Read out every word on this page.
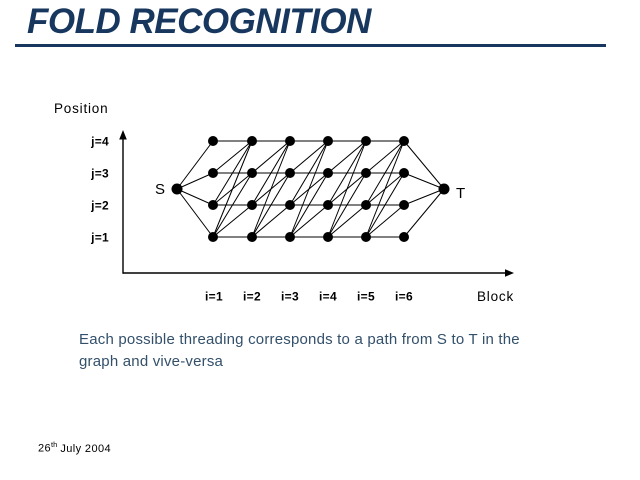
FOLD RECOGNITION
Position
Block
j=4
j=3
j=2
j=1
i=1 i=2 i=3 i=4 i=5 i=6
S	T
Each possible threading corresponds to a path from S to T in the
graph and vive-versa
26th July 2004
